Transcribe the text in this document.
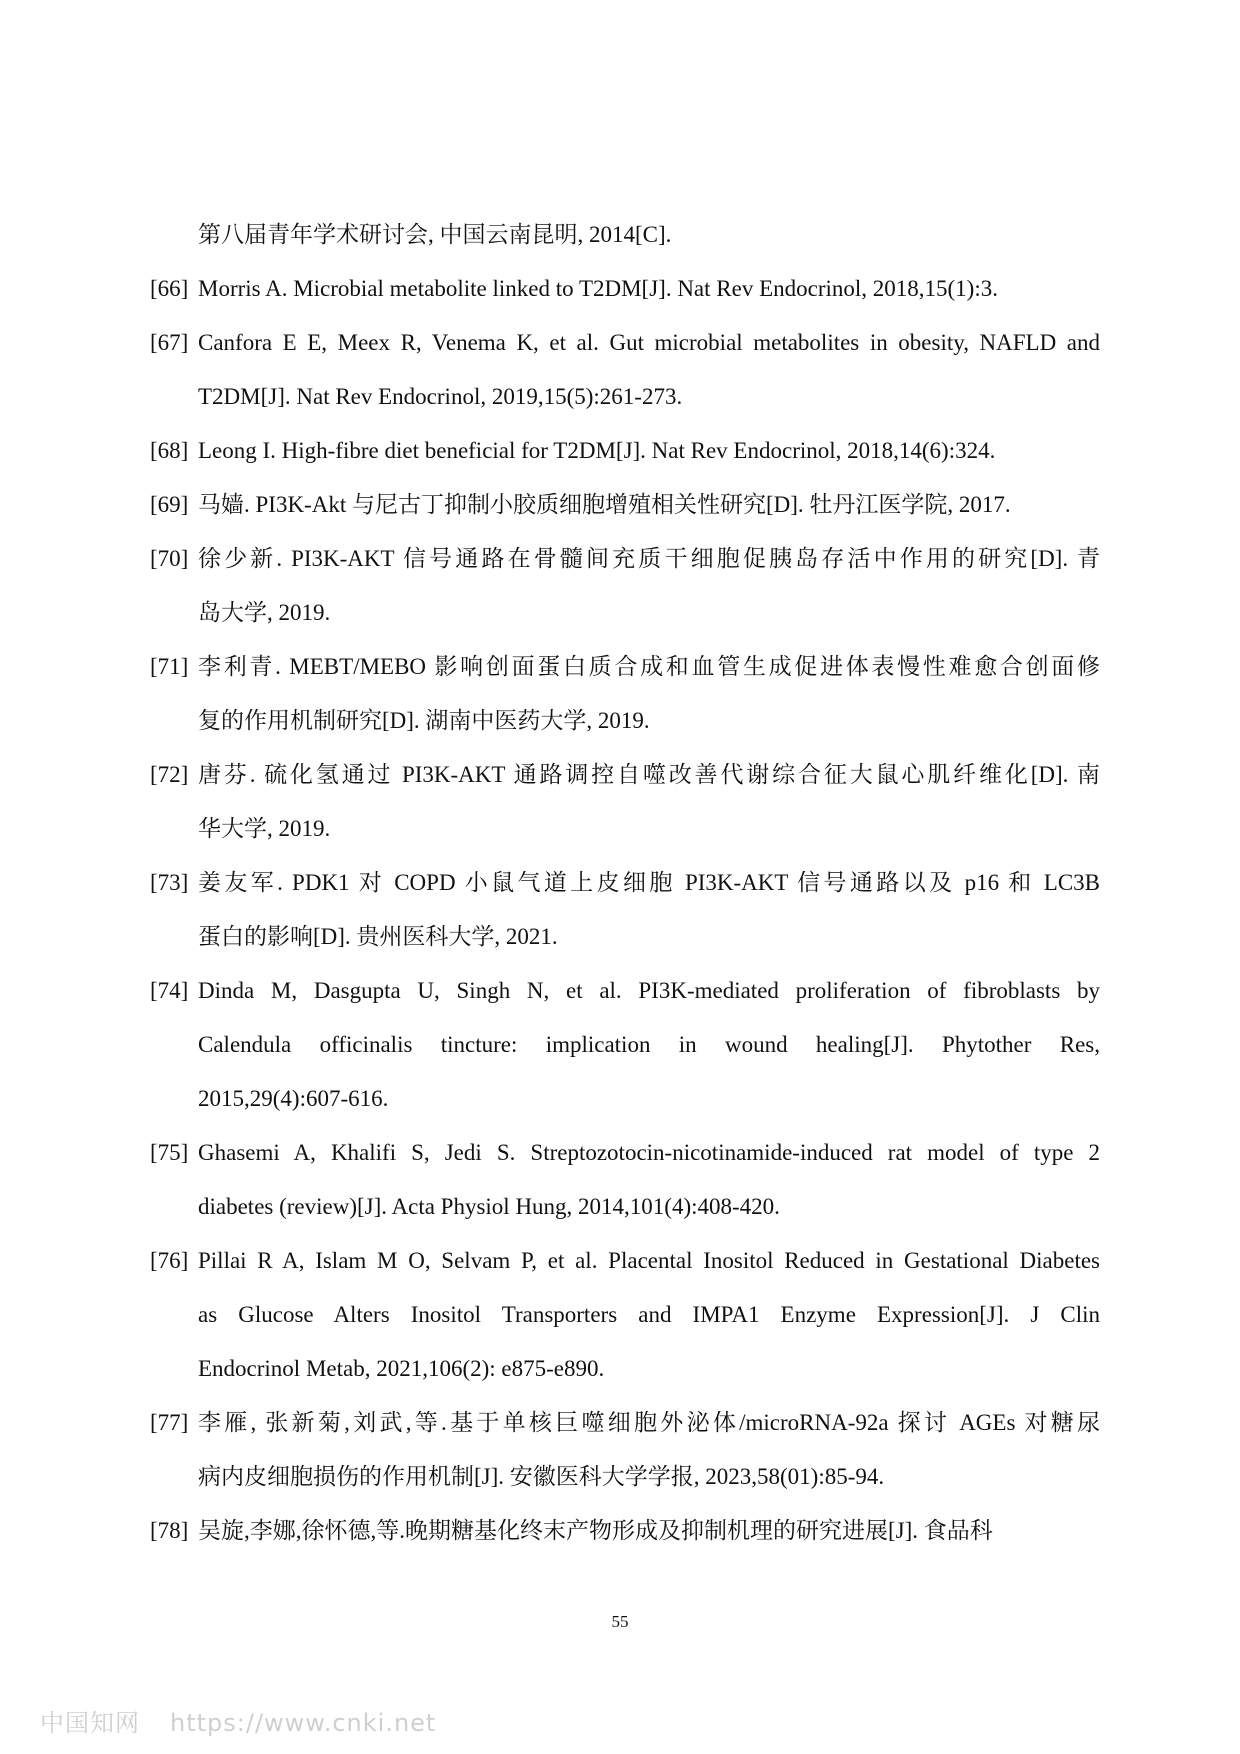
第八届青年学术研讨会, 中国云南昆明, 2014[C].
[66] Morris A. Microbial metabolite linked to T2DM[J]. Nat Rev Endocrinol, 2018,15(1):3.
[67] Canfora E E, Meex R, Venema K, et al. Gut microbial metabolites in obesity, NAFLD and
T2DM[J]. Nat Rev Endocrinol, 2019,15(5):261-273.
[68] Leong I. High-fibre diet beneficial for T2DM[J]. Nat Rev Endocrinol, 2018,14(6):324.
[69] 马嫱. PI3K-Akt 与尼古丁抑制小胶质细胞增殖相关性研究[D]. 牡丹江医学院, 2017.
[70] 徐少新. PI3K-AKT 信号通路在骨髓间充质干细胞促胰岛存活中作用的研究[D]. 青
岛大学, 2019.
[71] 李利青. MEBT/MEBO 影响创面蛋白质合成和血管生成促进体表慢性难愈合创面修
复的作用机制研究[D]. 湖南中医药大学, 2019.
[72] 唐芬. 硫化氢通过 PI3K-AKT 通路调控自噬改善代谢综合征大鼠心肌纤维化[D]. 南
华大学, 2019.
[73] 姜友军. PDK1 对 COPD 小鼠气道上皮细胞 PI3K-AKT 信号通路以及 p16 和 LC3B
蛋白的影响[D]. 贵州医科大学, 2021.
[74] Dinda M, Dasgupta U, Singh N, et al. PI3K-mediated proliferation of fibroblasts by
Calendula officinalis tincture: implication in wound healing[J]. Phytother Res,
2015,29(4):607-616.
[75] Ghasemi A, Khalifi S, Jedi S. Streptozotocin-nicotinamide-induced rat model of type 2
diabetes (review)[J]. Acta Physiol Hung, 2014,101(4):408-420.
[76] Pillai R A, Islam M O, Selvam P, et al. Placental Inositol Reduced in Gestational Diabetes
as Glucose Alters Inositol Transporters and IMPA1 Enzyme Expression[J]. J Clin
Endocrinol Metab, 2021,106(2): e875-e890.
[77] 李雁, 张新菊,刘武,等.基于单核巨噬细胞外泌体/microRNA-92a 探讨 AGEs 对糖尿
病内皮细胞损伤的作用机制[J]. 安徽医科大学学报, 2023,58(01):85-94.
[78] 吴旋,李娜,徐怀德,等.晚期糖基化终末产物形成及抑制机理的研究进展[J]. 食品科
55
中国知网 https://www.cnki.net
